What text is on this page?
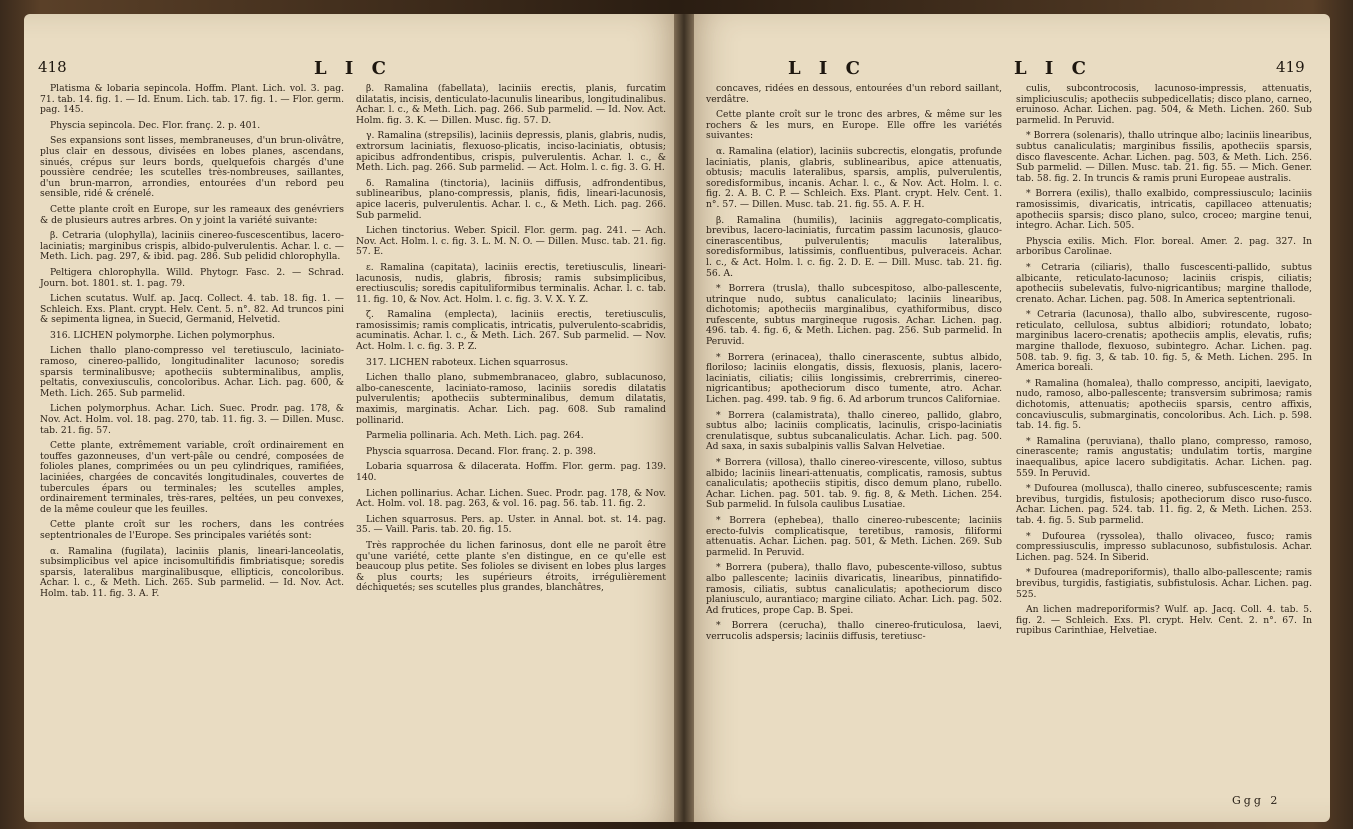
418	L I C

Platisma & lobaria sepincola. Hoffm. Plant. Lich. vol. 3. pag. 71. tab. 14. fig. 1. — Id. Enum. Lich. tab. 17. fig. 1. — Flor. germ. pag. 145.

Physcia sepincola. Dec. Flor. franç. 2. p. 401.

Ses expansions sont lisses, membraneuses, d'un brun-olivâtre, plus clair en dessous, divisées en lobes planes, ascendans, sinués, crépus sur leurs bords, quelquefois chargés d'une poussière cendrée; les scutelles très-nombreuses, saillantes, d'un brun-marron, arrondies, entourées d'un rebord peu sensible, ridé & crénelé.

Cette plante croît en Europe, sur les rameaux des genévriers & de plusieurs autres arbres. On y joint la variété suivante:

β. Cetraria (ulophylla), laciniis cinereo-fuscescentibus, lacero-laciniatis; marginibus crispis, albido-pulverulentis. Achar. l. c. — Meth. Lich. pag. 297, & ibid. pag. 286. Sub pelidid chlorophylla.

Peltigera chlorophylla. Willd. Phytogr. Fasc. 2. — Schrad. Journ. bot. 1801. st. 1. pag. 79.

Lichen scutatus. Wulf. ap. Jacq. Collect. 4. tab. 18. fig. 1. — Schleich. Exs. Plant. crypt. Helv. Cent. 5. n°. 82. Ad truncos pini & sepimenta lignea, in Suecid, Germanid, Helvetid.

316. LICHEN polymorphe. Lichen polymorphus.

Lichen thallo plano-compresso vel teretiusculo, laciniato-ramoso, cinereo-pallido, longitudinaliter lacunoso; soredis sparsis terminalibusve; apotheciis subterminalibus, amplis, peltatis, convexiusculis, concoloribus. Achar. Lich. pag. 600, & Meth. Lich. 265. Sub parmelid.

Lichen polymorphus. Achar. Lich. Suec. Prodr. pag. 178, & Nov. Act. Holm. vol. 18. pag. 270, tab. 11. fig. 3. — Dillen. Musc. tab. 21. fig. 57.

Cette plante, extrêmement variable, croît ordinairement en touffes gazonneuses, d'un vert-pâle ou cendré, composées de folioles planes, comprimées ou un peu cylindriques, ramifiées, laciniées, chargées de concavités longitudinales, couvertes de tubercules épars ou terminales; les scutelles amples, ordinairement terminales, très-rares, peltées, un peu convexes, de la même couleur que les feuilles.

Cette plante croît sur les rochers, dans les contrées septentrionales de l'Europe. Ses principales variétés sont:

α. Ramalina (fugilata), laciniis planis, lineari-lanceolatis, subsimplicibus vel apice incisomultifidis fimbriatisque; soredis sparsis, lateralibus marginalibusque, ellipticis, concoloribus. Achar. l. c., & Meth. Lich. 265. Sub parmelid. — Id. Nov. Act. Holm. tab. 11. fig. 3. A. F.

β. Ramalina (fabellata), laciniis erectis, planis, furcatim dilatatis, incisis, denticulato-lacunulis linearibus, longitudinalibus. Achar. l. c., & Meth. Lich. pag. 266. Sub parmelid. — Id. Nov. Act. Holm. fig. 3. K. — Dillen. Musc. fig. 57. D.

γ. Ramalina (strepsilis), laciniis depressis, planis, glabris, nudis, extrorsum laciniatis, flexuoso-plicatis, inciso-laciniatis, obtusis; apicibus adfrondentibus, crispis, pulverulentis. Achar. l. c., & Meth. Lich. pag. 266. Sub parmelid. — Act. Holm. l. c. fig. 3. G. H.

δ. Ramalina (tinctoria), laciniis diffusis, adfrondentibus, sublinearibus, plano-compressis, planis, fidis, lineari-lacunosis, apice laceris, pulverulentis. Achar. l. c., & Meth. Lich. pag. 266. Sub parmelid.

Lichen tinctorius. Weber. Spicil. Flor. germ. pag. 241. — Ach. Nov. Act. Holm. l. c. fig. 3. L. M. N. O. — Dillen. Musc. tab. 21. fig. 57. E.

ε. Ramalina (capitata), laciniis erectis, teretiusculis, lineari-lacunosis, nudis, glabris, fibrosis; ramis subsimplicibus, erectiusculis; soredis capituliformibus terminalis. Achar. l. c. tab. 11. fig. 10, & Nov. Act. Holm. l. c. fig. 3. V. X. Y. Z.

ζ. Ramalina (emplecta), laciniis erectis, teretiusculis, ramosissimis; ramis complicatis, intricatis, pulverulento-scabridis, acuminatis. Achar. l. c., & Meth. Lich. 267. Sub parmelid. — Nov. Act. Holm. l. c. fig. 3. P. Z.

317. LICHEN raboteux. Lichen squarrosus.

Lichen thallo plano, submembranaceo, glabro, sublacunoso, albo-canescente, laciniato-ramoso, laciniis soredis dilatatis pulverulentis; apotheciis subterminalibus, demum dilatatis, maximis, marginatis. Achar. Lich. pag. 608. Sub ramalind pollinarid.

Parmelia pollinaria. Ach. Meth. Lich. pag. 264.

Physcia squarrosa. Decand. Flor. franç. 2. p. 398.

Lobaria squarrosa & dilacerata. Hoffm. Flor. germ. pag. 139. 140.

Lichen pollinarius. Achar. Lichen. Suec. Prodr. pag. 178, & Nov. Act. Holm. vol. 18. pag. 263, & vol. 16. pag. 56. tab. 11. fig. 2.

Lichen squarrosus. Pers. ap. Uster. in Annal. bot. st. 14. pag. 35. — Vaill. Paris. tab. 20. fig. 15.

Très rapprochée du lichen farinosus, dont elle ne paroît être qu'une variété, cette plante s'en distingue, en ce qu'elle est beaucoup plus petite. Ses folioles se divisent en lobes plus larges & plus courts; les supérieurs étroits, irrégulièrement déchiquetés; ses scutelles plus grandes, blanchâtres,

L I C	L I C	419

concaves, ridées en dessous, entourées d'un rebord saillant, verdâtre.

Cette plante croît sur le tronc des arbres, & même sur les rochers & les murs, en Europe. Elle offre les variétés suivantes:

α. Ramalina (elatior), laciniis subcrectis, elongatis, profunde laciniatis, planis, glabris, sublinearibus, apice attenuatis, obtusis; maculis lateralibus, sparsis, amplis, pulverulentis, soredisformibus, incanis. Achar. l. c., & Nov. Act. Holm. l. c. fig. 2. A. B. C. P. — Schleich. Exs. Plant. crypt. Helv. Cent. 1. n°. 57. — Dillen. Musc. tab. 21. fig. 55. A. F. H.

β. Ramalina (humilis), laciniis aggregato-complicatis, brevibus, lacero-laciniatis, furcatim passim lacunosis, glauco-cinerascentibus, pulverulentis; maculis lateralibus, soredisformibus, latissimis, confluentibus, pulveraceis. Achar. l. c., & Act. Holm. l. c. fig. 2. D. E. — Dill. Musc. tab. 21. fig. 56. A.

* Borrera (trusla), thallo subcespitoso, albo-pallescente, utrinque nudo, subtus canaliculato; laciniis linearibus, dichotomis; apotheciis marginalibus, cyathiformibus, disco rufescente, subtus margineque rugosis. Achar. Lichen. pag. 496. tab. 4. fig. 6, & Meth. Lichen. pag. 256. Sub parmelid. In Peruvid.

* Borrera (erinacea), thallo cinerascente, subtus albido, floriloso; laciniis elongatis, dissis, flexuosis, planis, lacero-laciniatis, ciliatis; ciliis longissimis, crebrerrimis, cinereo-nigricantibus; apotheciorum disco tumente, atro. Achar. Lichen. pag. 499. tab. 9 fig. 6. Ad arborum truncos Californiae.

* Borrera (calamistrata), thallo cinereo, pallido, glabro, subtus albo; laciniis complicatis, lacinulis, crispo-laciniatis crenulatisque, subtus subcanaliculatis. Achar. Lich. pag. 500. Ad saxa, in saxis subalpinis vallis Salvan Helvetiae.

* Borrera (villosa), thallo cinereo-virescente, villoso, subtus albido; laciniis lineari-attenuatis, complicatis, ramosis, subtus canaliculatis; apotheciis stipitis, disco demum plano, rubello. Achar. Lichen. pag. 501. tab. 9. fig. 8, & Meth. Lichen. 254. Sub parmelid. In fulsola caulibus Lusatiae.

* Borrera (ephebea), thallo cinereo-rubescente; laciniis erecto-fulvis complicatisque, teretibus, ramosis, filiformi attenuatis. Achar. Lichen. pag. 501, & Meth. Lichen. 269. Sub parmelid. In Peruvid.

* Borrera (pubera), thallo flavo, pubescente-villoso, subtus albo pallescente; laciniis divaricatis, linearibus, pinnatifido-ramosis, ciliatis, subtus canaliculatis; apotheciorum disco planiusculo, aurantiaco; margine ciliato. Achar. Lich. pag. 502. Ad frutices, prope Cap. B. Spei.

* Borrera (cerucha), thallo cinereo-fruticulosa, laevi, verrucolis adspersis; laciniis diffusis, teretiusc-

culis, subcontrocosis, lacunoso-impressis, attenuatis, simpliciusculis; apotheciis subpedicellatis; disco plano, carneo, eruinoso. Achar. Lichen. pag. 504, & Meth. Lichen. 260. Sub parmelid. In Peruvid.

* Borrera (solenaris), thallo utrinque albo; laciniis linearibus, subtus canaliculatis; marginibus fissilis, apotheciis sparsis, disco flavescente. Achar. Lichen. pag. 503, & Meth. Lich. 256. Sub parmelid. — Dillen. Musc. tab. 21. fig. 55. — Mich. Gener. tab. 58. fig. 2. In truncis & ramis pruni Europeae australis.

* Borrera (exilis), thallo exalbido, compressiusculo; laciniis ramosissimis, divaricatis, intricatis, capillaceo attenuatis; apotheciis sparsis; disco plano, sulco, croceo; margine tenui, integro. Achar. Lich. 505.

Physcia exilis. Mich. Flor. boreal. Amer. 2. pag. 327. In arboribus Carolinae.

* Cetraria (ciliaris), thallo fuscescenti-pallido, subtus albicante, reticulato-lacunoso; laciniis crispis, ciliatis; apotheciis subelevatis, fulvo-nigricantibus; margine thallode, crenato. Achar. Lichen. pag. 508. In America septentrionali.

* Cetraria (lacunosa), thallo albo, subvirescente, rugoso-reticulato, cellulosa, subtus albidiori; rotundato, lobato; marginibus lacero-crenatis; apotheciis amplis, elevatis, rufis; margine thallode, flexuoso, subintegro. Achar. Lichen. pag. 508. tab. 9. fig. 3, & tab. 10. fig. 5, & Meth. Lichen. 295. In America boreali.

* Ramalina (homalea), thallo compresso, ancipiti, laevigato, nudo, ramoso, albo-pallescente; transversim subrimosa; ramis dichotomis, attenuatis; apotheciis sparsis, centro affixis, concaviusculis, submarginatis, concoloribus. Ach. Lich. p. 598. tab. 14. fig. 5.

* Ramalina (peruviana), thallo plano, compresso, ramoso, cinerascente; ramis angustatis; undulatim tortis, margine inaequalibus, apice lacero subdigitatis. Achar. Lichen. pag. 559. In Peruvid.

* Dufourea (mollusca), thallo cinereo, subfuscescente; ramis brevibus, turgidis, fistulosis; apotheciorum disco ruso-fusco. Achar. Lichen. pag. 524. tab. 11. fig. 2, & Meth. Lichen. 253. tab. 4. fig. 5. Sub parmelid.

* Dufourea (ryssolea), thallo olivaceo, fusco; ramis compressiusculis, impresso sublacunoso, subfistulosis. Achar. Lichen. pag. 524. In Siberid.

* Dufourea (madreporiformis), thallo albo-pallescente; ramis brevibus, turgidis, fastigiatis, subfistulosis. Achar. Lichen. pag. 525.

An lichen madreporiformis? Wulf. ap. Jacq. Coll. 4. tab. 5. fig. 2. — Schleich. Exs. Pl. crypt. Helv. Cent. 2. n°. 67. In rupibus Carinthiae, Helvetiae.

Ggg 2
